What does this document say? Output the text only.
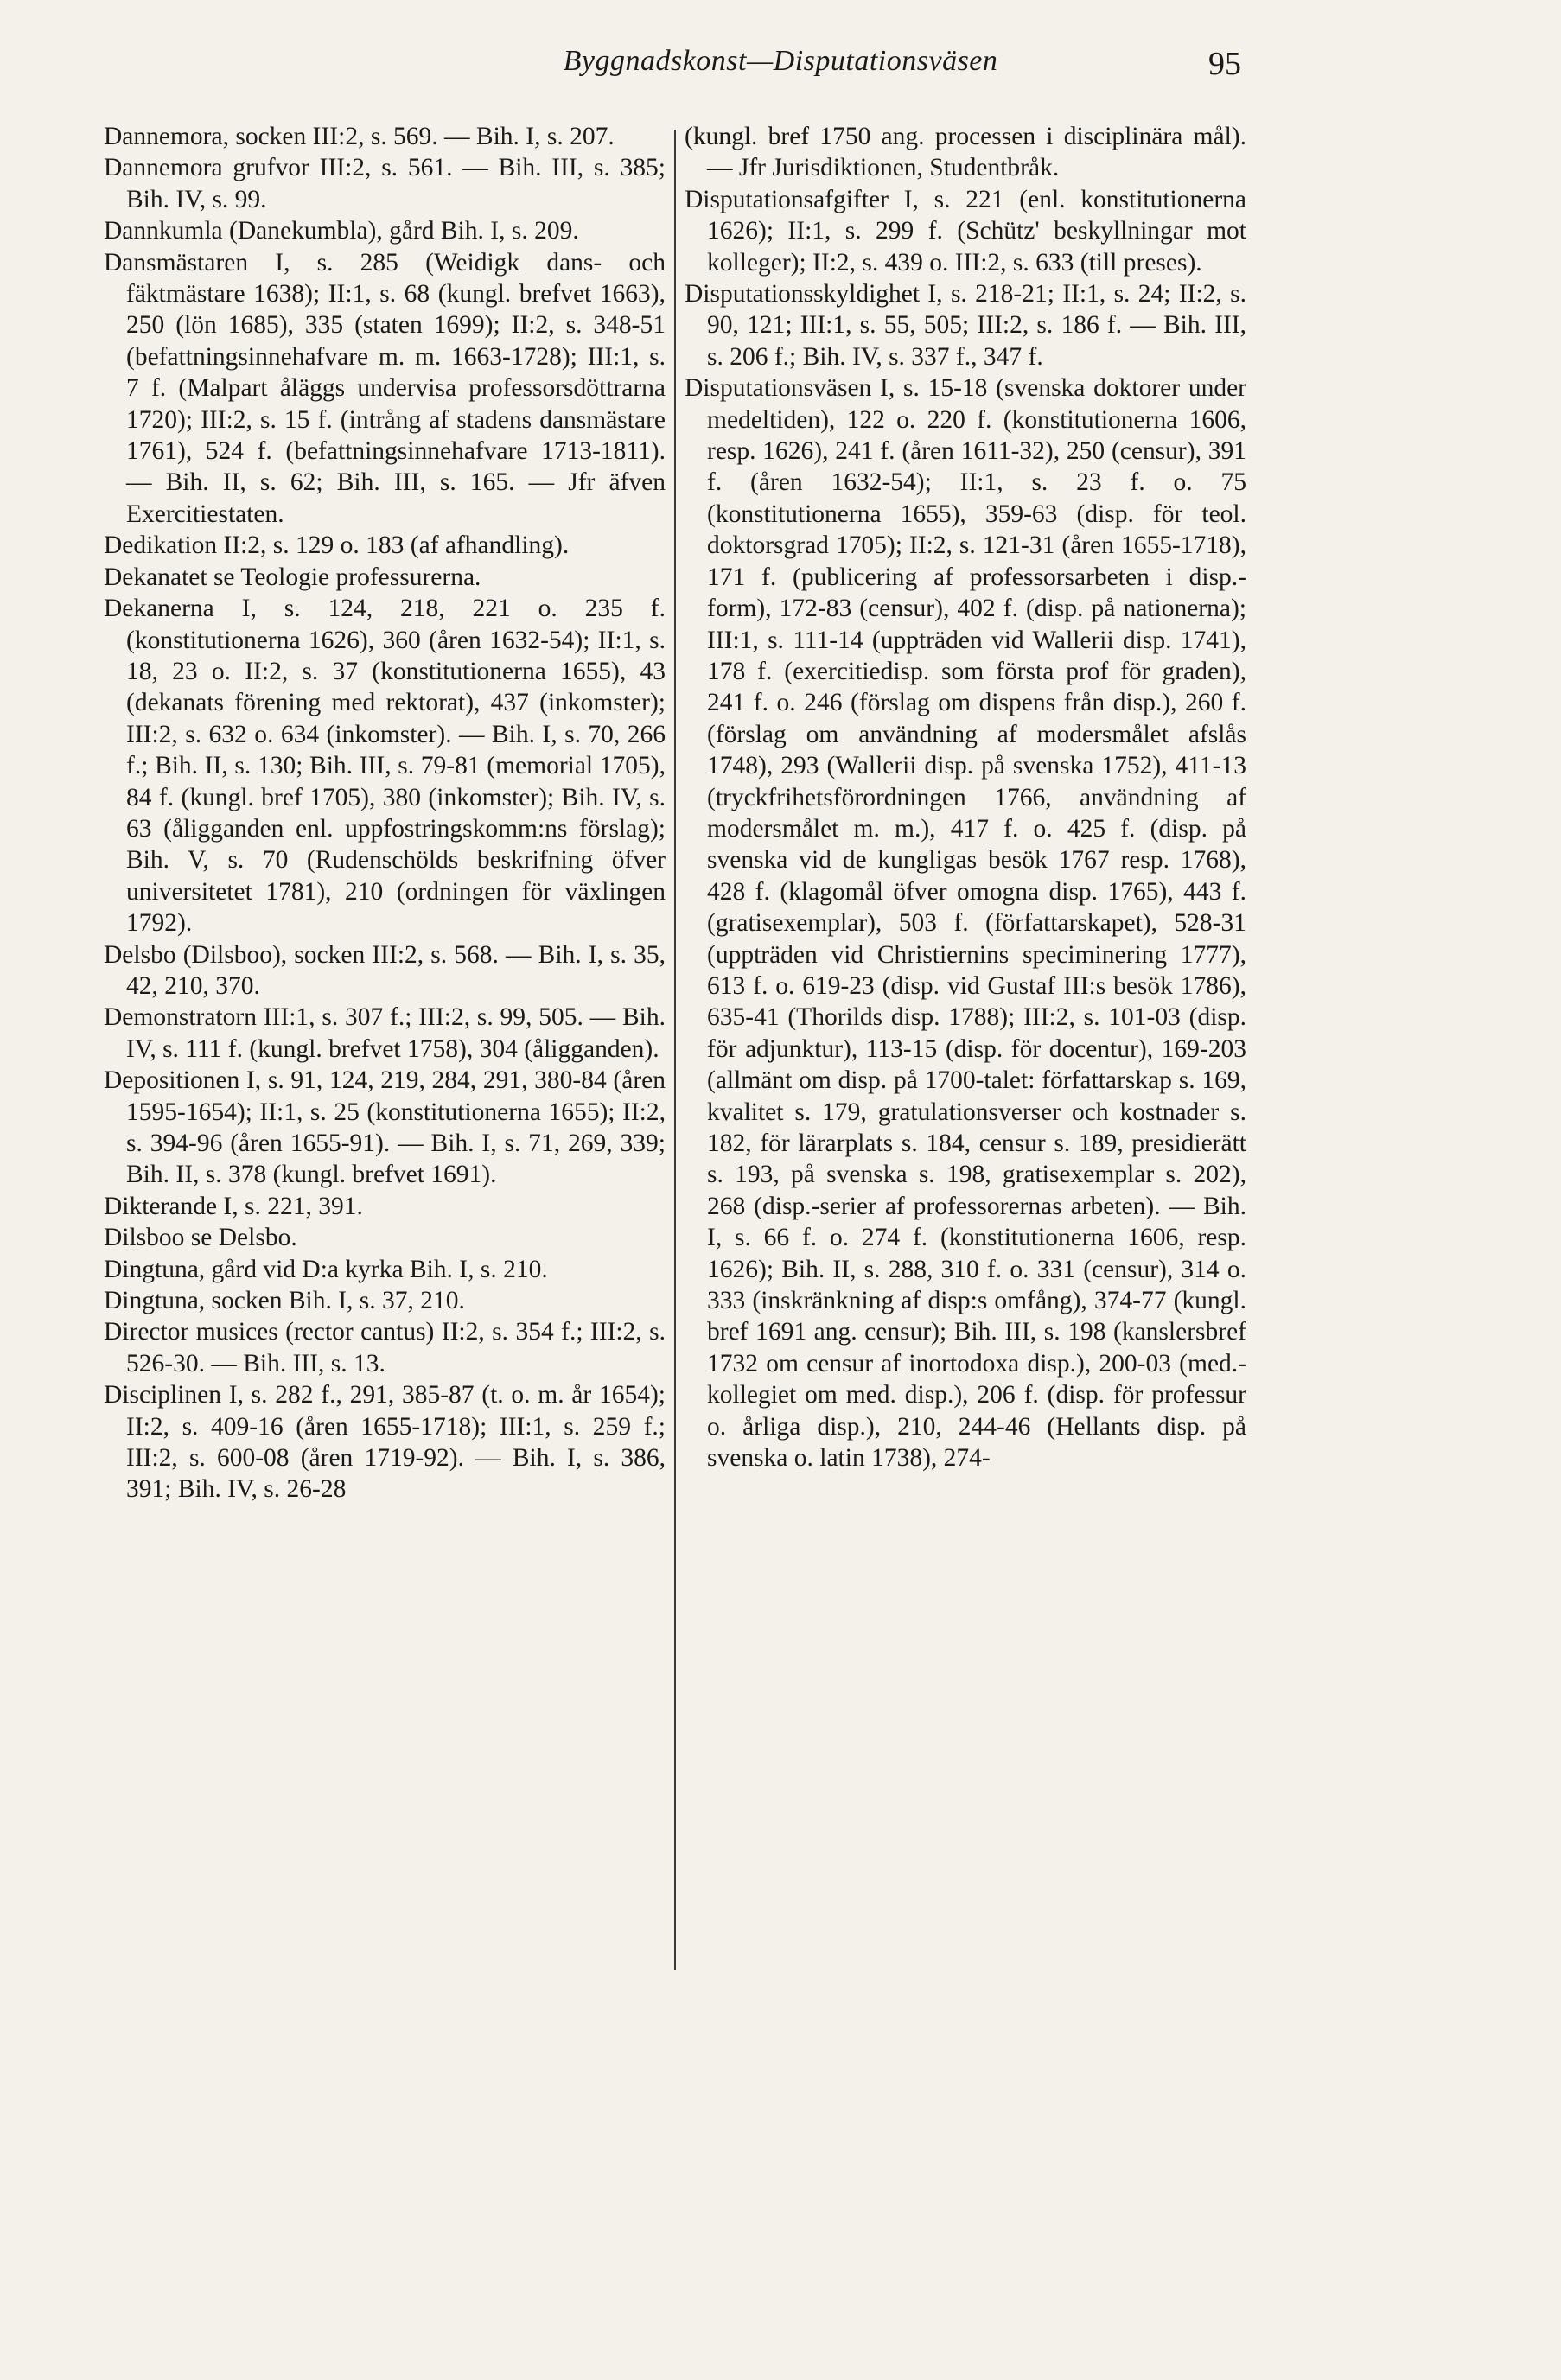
Byggnadskonst—Disputationsväsen	95

Dannemora, socken III:2, s. 569. — Bih. I, s. 207.

Dannemora grufvor III:2, s. 561. — Bih. III, s. 385; Bih. IV, s. 99.

Dannkumla (Danekumbla), gård Bih. I, s. 209.

Dansmästaren I, s. 285 (Weidigk dans- och fäktmästare 1638); II:1, s. 68 (kungl. brefvet 1663), 250 (lön 1685), 335 (staten 1699); II:2, s. 348-51 (befattningsinnehafvare m. m. 1663-1728); III:1, s. 7 f. (Malpart åläggs undervisa professorsdöttrarna 1720); III:2, s. 15 f. (intrång af stadens dansmästare 1761), 524 f. (befattningsinnehafvare 1713-1811). — Bih. II, s. 62; Bih. III, s. 165. — Jfr äfven Exercitiestaten.

Dedikation II:2, s. 129 o. 183 (af afhandling).

Dekanatet se Teologie professurerna.

Dekanerna I, s. 124, 218, 221 o. 235 f. (konstitutionerna 1626), 360 (åren 1632-54); II:1, s. 18, 23 o. II:2, s. 37 (konstitutionerna 1655), 43 (dekanats förening med rektorat), 437 (inkomster); III:2, s. 632 o. 634 (inkomster). — Bih. I, s. 70, 266 f.; Bih. II, s. 130; Bih. III, s. 79-81 (memorial 1705), 84 f. (kungl. bref 1705), 380 (inkomster); Bih. IV, s. 63 (åligganden enl. uppfostringskomm:ns förslag); Bih. V, s. 70 (Rudenschölds beskrifning öfver universitetet 1781), 210 (ordningen för växlingen 1792).

Delsbo (Dilsboo), socken III:2, s. 568. — Bih. I, s. 35, 42, 210, 370.

Demonstratorn III:1, s. 307 f.; III:2, s. 99, 505. — Bih. IV, s. 111 f. (kungl. brefvet 1758), 304 (åligganden).

Depositionen I, s. 91, 124, 219, 284, 291, 380-84 (åren 1595-1654); II:1, s. 25 (konstitutionerna 1655); II:2, s. 394-96 (åren 1655-91). — Bih. I, s. 71, 269, 339; Bih. II, s. 378 (kungl. brefvet 1691).

Dikterande I, s. 221, 391.

Dilsboo se Delsbo.

Dingtuna, gård vid D:a kyrka Bih. I, s. 210.

Dingtuna, socken Bih. I, s. 37, 210.

Director musices (rector cantus) II:2, s. 354 f.; III:2, s. 526-30. — Bih. III, s. 13.

Disciplinen I, s. 282 f., 291, 385-87 (t. o. m. år 1654); II:2, s. 409-16 (åren 1655-1718); III:1, s. 259 f.; III:2, s. 600-08 (åren 1719-92). — Bih. I, s. 386, 391; Bih. IV, s. 26-28

(kungl. bref 1750 ang. processen i disciplinära mål). — Jfr Jurisdiktionen, Studentbråk.

Disputationsafgifter I, s. 221 (enl. konstitutionerna 1626); II:1, s. 299 f. (Schütz' beskyllningar mot kolleger); II:2, s. 439 o. III:2, s. 633 (till preses).

Disputationsskyldighet I, s. 218-21; II:1, s. 24; II:2, s. 90, 121; III:1, s. 55, 505; III:2, s. 186 f. — Bih. III, s. 206 f.; Bih. IV, s. 337 f., 347 f.

Disputationsväsen I, s. 15-18 (svenska doktorer under medeltiden), 122 o. 220 f. (konstitutionerna 1606, resp. 1626), 241 f. (åren 1611-32), 250 (censur), 391 f. (åren 1632-54); II:1, s. 23 f. o. 75 (konstitutionerna 1655), 359-63 (disp. för teol. doktorsgrad 1705); II:2, s. 121-31 (åren 1655-1718), 171 f. (publicering af professorsarbeten i disp.-form), 172-83 (censur), 402 f. (disp. på nationerna); III:1, s. 111-14 (uppträden vid Wallerii disp. 1741), 178 f. (exercitiedisp. som första prof för graden), 241 f. o. 246 (förslag om dispens från disp.), 260 f. (förslag om användning af modersmålet afslås 1748), 293 (Wallerii disp. på svenska 1752), 411-13 (tryckfrihetsförordningen 1766, användning af modersmålet m. m.), 417 f. o. 425 f. (disp. på svenska vid de kungligas besök 1767 resp. 1768), 428 f. (klagomål öfver omogna disp. 1765), 443 f. (gratisexemplar), 503 f. (författarskapet), 528-31 (uppträden vid Christiernins speciminering 1777), 613 f. o. 619-23 (disp. vid Gustaf III:s besök 1786), 635-41 (Thorilds disp. 1788); III:2, s. 101-03 (disp. för adjunktur), 113-15 (disp. för docentur), 169-203 (allmänt om disp. på 1700-talet: författarskap s. 169, kvalitet s. 179, gratulationsverser och kostnader s. 182, för lärarplats s. 184, censur s. 189, presidierätt s. 193, på svenska s. 198, gratisexemplar s. 202), 268 (disp.-serier af professorernas arbeten). — Bih. I, s. 66 f. o. 274 f. (konstitutionerna 1606, resp. 1626); Bih. II, s. 288, 310 f. o. 331 (censur), 314 o. 333 (inskränkning af disp:s omfång), 374-77 (kungl. bref 1691 ang. censur); Bih. III, s. 198 (kanslersbref 1732 om censur af inortodoxa disp.), 200-03 (med.-kollegiet om med. disp.), 206 f. (disp. för professur o. årliga disp.), 210, 244-46 (Hellants disp. på svenska o. latin 1738), 274-
